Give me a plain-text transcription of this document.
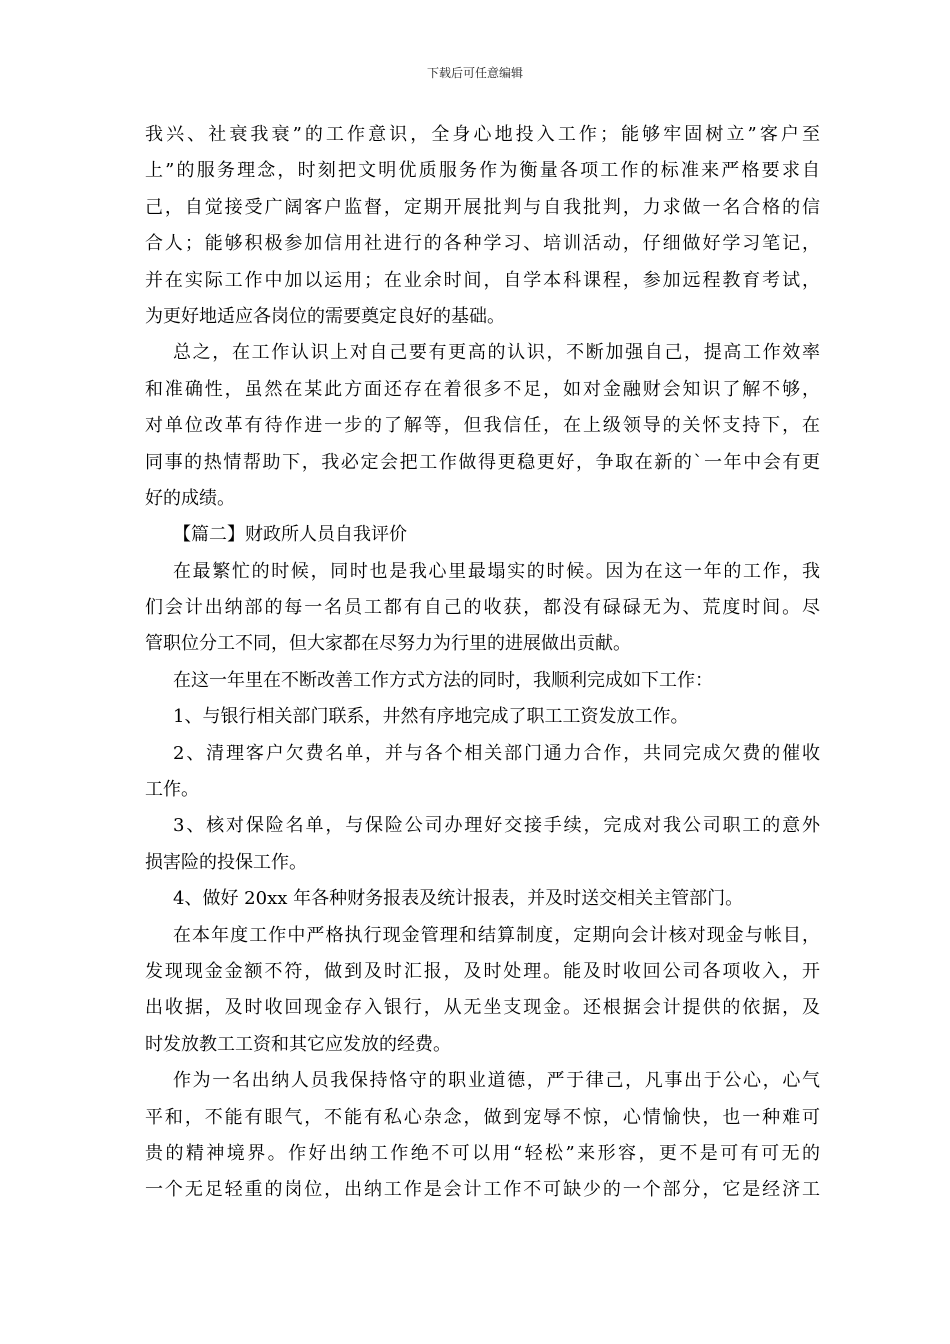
下载后可任意编辑
我兴、社衰我衰”的工作意识，全身心地投入工作；能够牢固树立”客户至
上”的服务理念，时刻把文明优质服务作为衡量各项工作的标准来严格要求自
己，自觉接受广阔客户监督，定期开展批判与自我批判，力求做一名合格的信
合人；能够积极参加信用社进行的各种学习、培训活动，仔细做好学习笔记，
并在实际工作中加以运用；在业余时间，自学本科课程，参加远程教育考试，
为更好地适应各岗位的需要奠定良好的基础。
总之，在工作认识上对自己要有更高的认识，不断加强自己，提高工作效率
和准确性，虽然在某此方面还存在着很多不足，如对金融财会知识了解不够，
对单位改革有待作进一步的了解等，但我信任，在上级领导的关怀支持下，在
同事的热情帮助下，我必定会把工作做得更稳更好，争取在新的`一年中会有更
好的成绩。
【篇二】财政所人员自我评价
在最繁忙的时候，同时也是我心里最塌实的时候。因为在这一年的工作，我
们会计出纳部的每一名员工都有自己的收获，都没有碌碌无为、荒度时间。尽
管职位分工不同，但大家都在尽努力为行里的进展做出贡献。
在这一年里在不断改善工作方式方法的同时，我顺利完成如下工作：
1、与银行相关部门联系，井然有序地完成了职工工资发放工作。
2、清理客户欠费名单，并与各个相关部门通力合作，共同完成欠费的催收
工作。
3、核对保险名单，与保险公司办理好交接手续，完成对我公司职工的意外
损害险的投保工作。
4、做好 20xx 年各种财务报表及统计报表，并及时送交相关主管部门。
在本年度工作中严格执行现金管理和结算制度，定期向会计核对现金与帐目，
发现现金金额不符，做到及时汇报，及时处理。能及时收回公司各项收入，开
出收据，及时收回现金存入银行，从无坐支现金。还根据会计提供的依据，及
时发放教工工资和其它应发放的经费。
作为一名出纳人员我保持恪守的职业道德，严于律己，凡事出于公心，心气
平和，不能有眼气，不能有私心杂念，做到宠辱不惊，心情愉快，也一种难可
贵的精神境界。作好出纳工作绝不可以用“轻松”来形容，更不是可有可无的
一个无足轻重的岗位，出纳工作是会计工作不可缺少的一个部分，它是经济工
